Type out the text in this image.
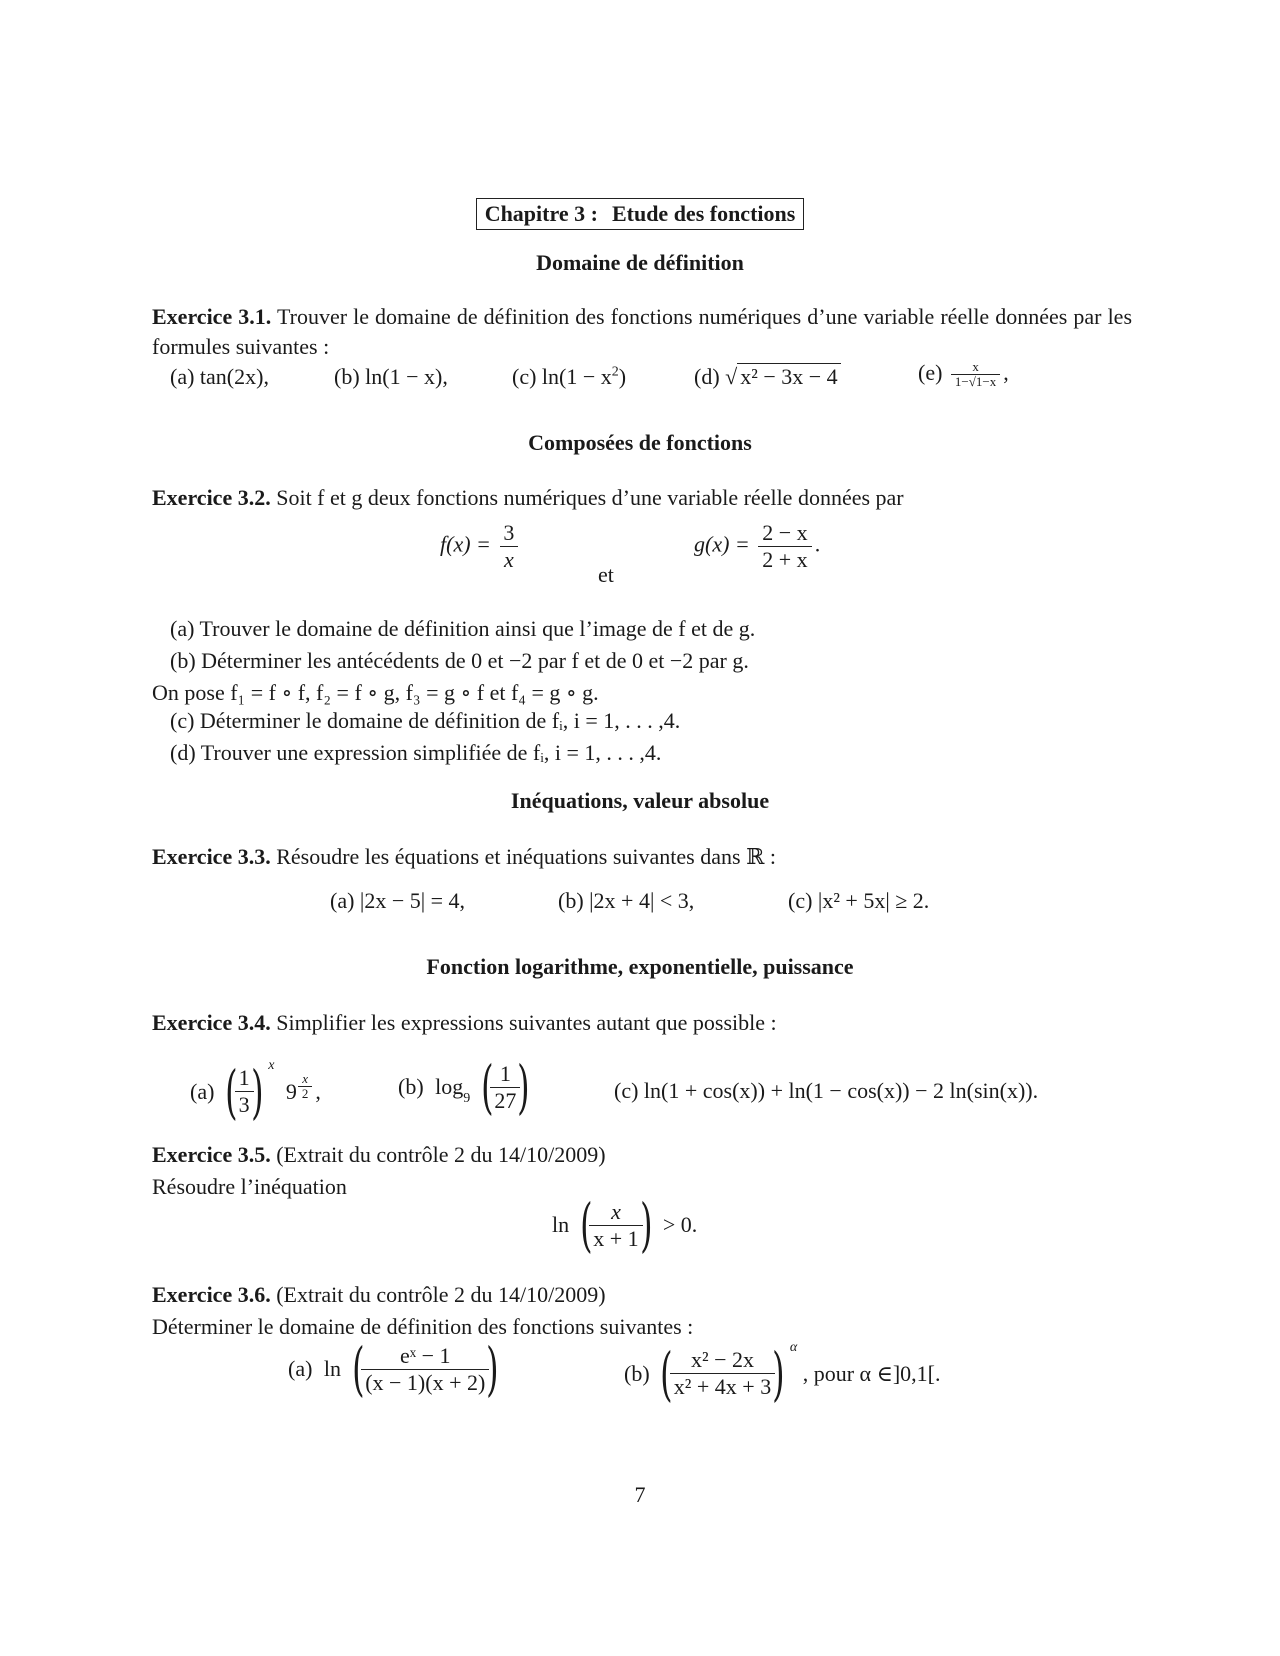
Chapitre 3 : Etude des fonctions
Domaine de définition
Exercice 3.1. Trouver le domaine de définition des fonctions numériques d’une variable réelle données par les formules suivantes :
(a) tan(2x),	(b) ln(1 − x),	(c) $\ln(1 - x^2)$	(d) √ x² − 3x − 4	$(e) \frac{x}{1-√1-x}$ ,
Composées de fonctions
Exercice 3.2. Soit f et g deux fonctions numériques d’une variable réelle données par
$f(x) = \frac{3}{x}$
et
$g(x) = \frac{2 - x}{2 + x}$ .
(a) Trouver le domaine de définition ainsi que l’image de f et de g.
(b) Déterminer les antécédents de 0 et −2 par f et de 0 et −2 par g.
On pose f₁ = f ∘ f, f₂ = f ∘ g, f₃ = g ∘ f et f₄ = g ∘ g.
(c) Déterminer le domaine de définition de fᵢ, i = 1, . . . ,4.
(d) Trouver une expression simplifiée de fᵢ, i = 1, . . . ,4.
Inéquations, valeur absolue
Exercice 3.3. Résoudre les équations et inéquations suivantes dans ℝ :
(a) |2x − 5| = 4,	(b) |2x + 4| < 3,	(c) |x² + 5x| ≥ 2.
Fonction logarithme, exponentielle, puissance
Exercice 3.4. Simplifier les expressions suivantes autant que possible :
(a) (
$\frac{1}{3}$
) $^x$ $9 \frac{x}{2}$ ,	(b) $\log_9$ (
$\frac{1}{27}$
)	(c) ln(1 + cos(x)) + ln(1 − cos(x)) − 2 ln(sin(x)).
Exercice 3.5. (Extrait du contrôle 2 du 14/10/2009)
Résoudre l’inéquation
ln (
$\frac{x}{x + 1}$
) > 0.
Exercice 3.6. (Extrait du contrôle 2 du 14/10/2009)
Déterminer le domaine de définition des fonctions suivantes :
(a) ln (
$\frac{\text{eˣ − 1}}{(x - 1)(x + 2)}$
)	(b) (
$\frac{\text{x² − 2x}}{\text{x² + 4x + 3}}$
) $^\alpha$ , pour α ∈]0,1[.
7
